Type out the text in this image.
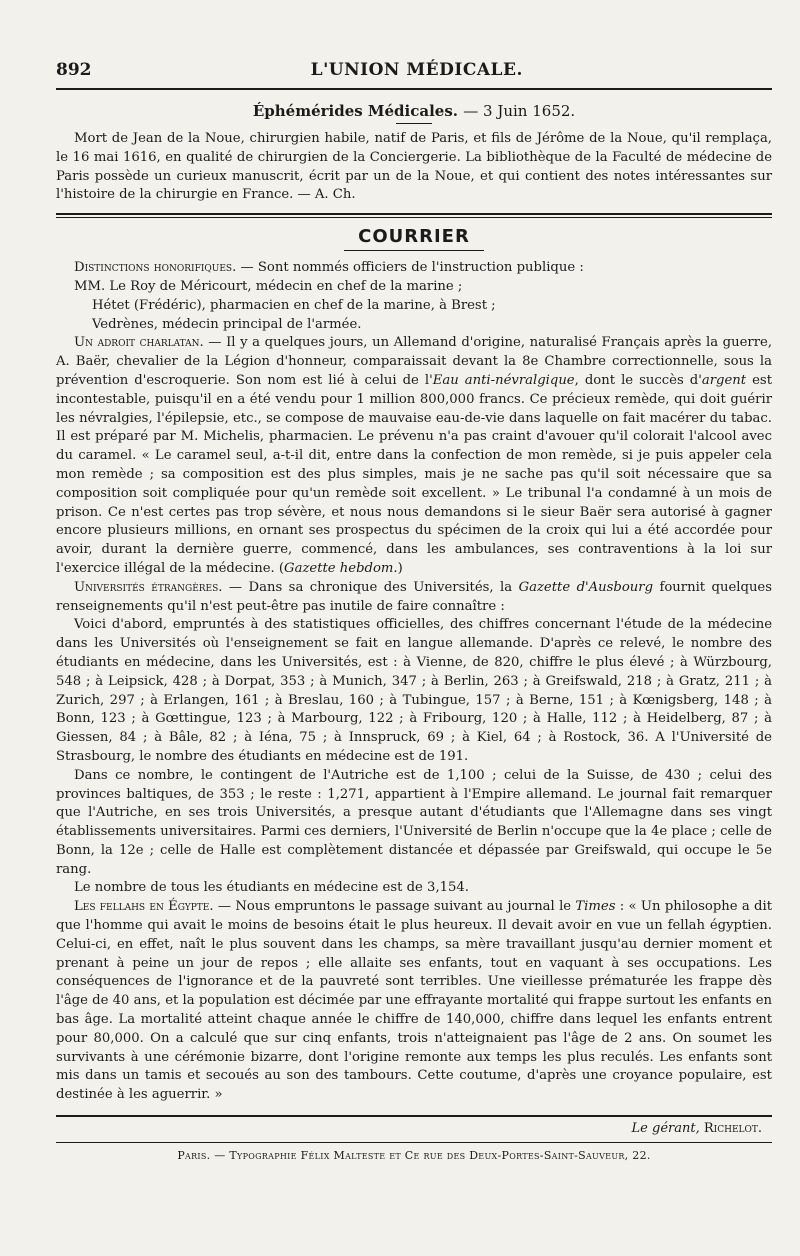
892	L'UNION MÉDICALE.
Éphémérides Médicales. — 3 Juin 1652.

Mort de Jean de la Noue, chirurgien habile, natif de Paris, et fils de Jérôme de la Noue, qu'il remplaça, le 16 mai 1616, en qualité de chirurgien de la Conciergerie. La bibliothèque de la Faculté de médecine de Paris possède un curieux manuscrit, écrit par un de la Noue, et qui contient des notes intéressantes sur l'histoire de la chirurgie en France. — A. Ch.

COURRIER

Distinctions honorifiques. — Sont nommés officiers de l'instruction publique :

MM. Le Roy de Méricourt, médecin en chef de la marine ;
Hétet (Frédéric), pharmacien en chef de la marine, à Brest ;
Vedrènes, médecin principal de l'armée.

Un adroit charlatan. — Il y a quelques jours, un Allemand d'origine, naturalisé Français après la guerre, A. Baër, chevalier de la Légion d'honneur, comparaissait devant la 8e Chambre correctionnelle, sous la prévention d'escroquerie. Son nom est lié à celui de l'Eau anti-névralgique, dont le succès d'argent est incontestable, puisqu'il en a été vendu pour 1 million 800,000 francs. Ce précieux remède, qui doit guérir les névralgies, l'épilepsie, etc., se compose de mauvaise eau-de-vie dans laquelle on fait macérer du tabac. Il est préparé par M. Michelis, pharmacien. Le prévenu n'a pas craint d'avouer qu'il colorait l'alcool avec du caramel. « Le caramel seul, a-t-il dit, entre dans la confection de mon remède, si je puis appeler cela mon remède ; sa composition est des plus simples, mais je ne sache pas qu'il soit nécessaire que sa composition soit compliquée pour qu'un remède soit excellent. » Le tribunal l'a condamné à un mois de prison. Ce n'est certes pas trop sévère, et nous nous demandons si le sieur Baër sera autorisé à gagner encore plusieurs millions, en ornant ses prospectus du spécimen de la croix qui lui a été accordée pour avoir, durant la dernière guerre, commencé, dans les ambulances, ses contraventions à la loi sur l'exercice illégal de la médecine. (Gazette hebdom.)

Universités étrangères. — Dans sa chronique des Universités, la Gazette d'Ausbourg fournit quelques renseignements qu'il n'est peut-être pas inutile de faire connaître :

Voici d'abord, empruntés à des statistiques officielles, des chiffres concernant l'étude de la médecine dans les Universités où l'enseignement se fait en langue allemande. D'après ce relevé, le nombre des étudiants en médecine, dans les Universités, est : à Vienne, de 820, chiffre le plus élevé ; à Würzbourg, 548 ; à Leipsick, 428 ; à Dorpat, 353 ; à Munich, 347 ; à Berlin, 263 ; à Greifswald, 218 ; à Gratz, 211 ; à Zurich, 297 ; à Erlangen, 161 ; à Breslau, 160 ; à Tubingue, 157 ; à Berne, 151 ; à Kœnigsberg, 148 ; à Bonn, 123 ; à Gœttingue, 123 ; à Marbourg, 122 ; à Fribourg, 120 ; à Halle, 112 ; à Heidelberg, 87 ; à Giessen, 84 ; à Bâle, 82 ; à Iéna, 75 ; à Innspruck, 69 ; à Kiel, 64 ; à Rostock, 36. A l'Université de Strasbourg, le nombre des étudiants en médecine est de 191.

Dans ce nombre, le contingent de l'Autriche est de 1,100 ; celui de la Suisse, de 430 ; celui des provinces baltiques, de 353 ; le reste : 1,271, appartient à l'Empire allemand. Le journal fait remarquer que l'Autriche, en ses trois Universités, a presque autant d'étudiants que l'Allemagne dans ses vingt établissements universitaires. Parmi ces derniers, l'Université de Berlin n'occupe que la 4e place ; celle de Bonn, la 12e ; celle de Halle est complètement distancée et dépassée par Greifswald, qui occupe le 5e rang.

Le nombre de tous les étudiants en médecine est de 3,154.

Les fellahs en Égypte. — Nous empruntons le passage suivant au journal le Times : « Un philosophe a dit que l'homme qui avait le moins de besoins était le plus heureux. Il devait avoir en vue un fellah égyptien. Celui-ci, en effet, naît le plus souvent dans les champs, sa mère travaillant jusqu'au dernier moment et prenant à peine un jour de repos ; elle allaite ses enfants, tout en vaquant à ses occupations. Les conséquences de l'ignorance et de la pauvreté sont terribles. Une vieillesse prématurée les frappe dès l'âge de 40 ans, et la population est décimée par une effrayante mortalité qui frappe surtout les enfants en bas âge. La mortalité atteint chaque année le chiffre de 140,000, chiffre dans lequel les enfants entrent pour 80,000. On a calculé que sur cinq enfants, trois n'atteignaient pas l'âge de 2 ans. On soumet les survivants à une cérémonie bizarre, dont l'origine remonte aux temps les plus reculés. Les enfants sont mis dans un tamis et secoués au son des tambours. Cette coutume, d'après une croyance populaire, est destinée à les aguerrir. »

Le gérant, Richelot.
Paris. — Typographie Félix Malteste et Ce rue des Deux-Portes-Saint-Sauveur, 22.
